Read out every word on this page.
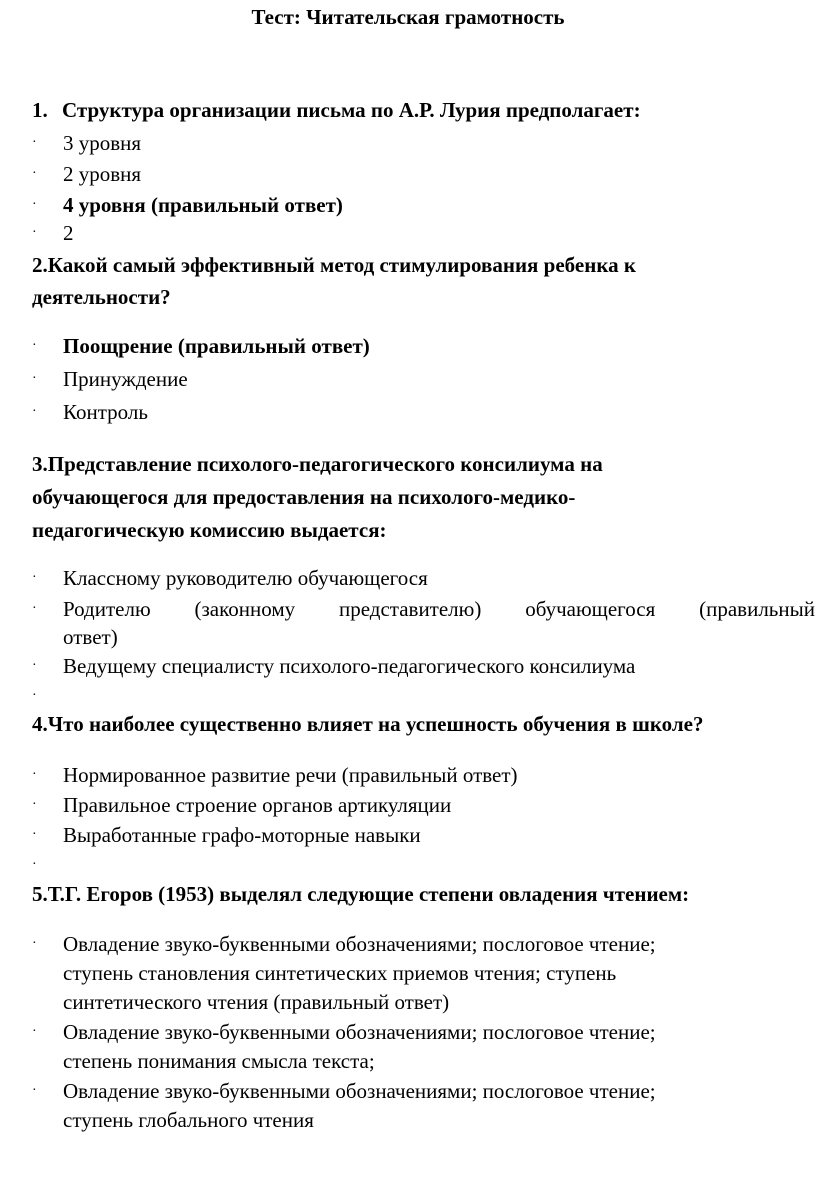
Тест: Читательская грамотность
1. Структура организации письма по А.Р. Лурия предполагает:
· 3 уровня
· 2 уровня
· 4 уровня (правильный ответ)
· 2
2.Какой самый эффективный метод стимулирования ребенка к
деятельности?
· Поощрение (правильный ответ)
· Принуждение
· Контроль
3.Представление психолого-педагогического консилиума на
обучающегося для предоставления на психолого-медико-
педагогическую комиссию выдается:
· Классному руководителю обучающегося
· Родителю (законному представителю) обучающегося (правильный
ответ)
· Ведущему специалисту психолого-педагогического консилиума
·
4.Что наиболее существенно влияет на успешность обучения в школе?
· Нормированное развитие речи (правильный ответ)
· Правильное строение органов артикуляции
· Выработанные графо-моторные навыки
·
5.Т.Г. Егоров (1953) выделял следующие степени овладения чтением:
· Овладение звуко-буквенными обозначениями; послоговое чтение;
ступень становления синтетических приемов чтения; ступень
синтетического чтения (правильный ответ)
· Овладение звуко-буквенными обозначениями; послоговое чтение;
степень понимания смысла текста;
· Овладение звуко-буквенными обозначениями; послоговое чтение;
ступень глобального чтения
